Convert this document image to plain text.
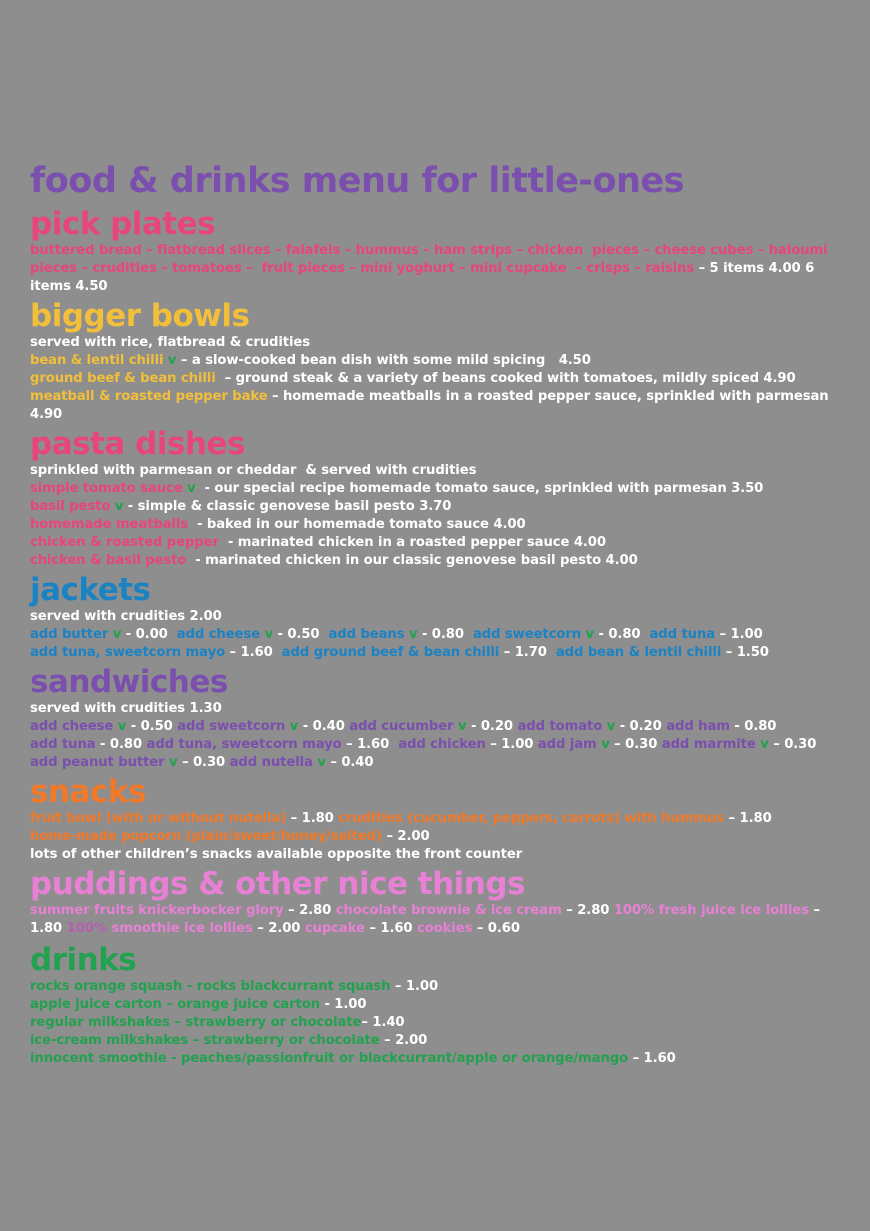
food & drinks menu for little-ones
pick plates

buttered bread – flatbread slices – falafels – hummus – ham strips – chicken  pieces – cheese cubes – haloumi pieces – crudities – tomatoes –  fruit pieces – mini yoghurt – mini cupcake  – crisps – raisins – 5 items 4.00 6 items 4.50

bigger bowls

served with rice, flatbread & crudities

bean & lentil chilli v – a slow-cooked bean dish with some mild spicing   4.50

ground beef & bean chilli  – ground steak & a variety of beans cooked with tomatoes, mildly spiced 4.90

meatball & roasted pepper bake – homemade meatballs in a roasted pepper sauce, sprinkled with parmesan 4.90

pasta dishes

sprinkled with parmesan or cheddar  & served with crudities

simple tomato sauce v  - our special recipe homemade tomato sauce, sprinkled with parmesan 3.50

basil pesto v - simple & classic genovese basil pesto 3.70

homemade meatballs  - baked in our homemade tomato sauce 4.00

chicken & roasted pepper  - marinated chicken in a roasted pepper sauce 4.00

chicken & basil pesto  - marinated chicken in our classic genovese basil pesto 4.00

jackets

served with crudities 2.00

add butter v - 0.00  add cheese v - 0.50  add beans v - 0.80  add sweetcorn v - 0.80  add tuna – 1.00

add tuna, sweetcorn mayo – 1.60  add ground beef & bean chilli – 1.70  add bean & lentil chilli – 1.50

sandwiches

served with crudities 1.30

add cheese v - 0.50 add sweetcorn v - 0.40 add cucumber v - 0.20 add tomato v - 0.20 add ham - 0.80

add tuna - 0.80 add tuna, sweetcorn mayo – 1.60  add chicken – 1.00 add jam v – 0.30 add marmite v – 0.30

add peanut butter v – 0.30 add nutella v – 0.40

snacks

fruit bowl (with or without nutella) – 1.80 crudities (cucumber, peppers, carrots) with hummus – 1.80

home-made popcorn (plain/sweet/honey/salted) – 2.00

lots of other children’s snacks available opposite the front counter

puddings & other nice things

summer fruits knickerbocker glory – 2.80 chocolate brownie & ice cream – 2.80 100% fresh juice ice lollies – 1.80 100% smoothie ice lollies – 2.00 cupcake – 1.60 cookies – 0.60

drinks

rocks orange squash - rocks blackcurrant squash – 1.00

apple juice carton – orange juice carton - 1.00

regular milkshakes – strawberry or chocolate– 1.40

ice-cream milkshakes – strawberry or chocolate – 2.00

innocent smoothie - peaches/passionfruit or blackcurrant/apple or orange/mango – 1.60
